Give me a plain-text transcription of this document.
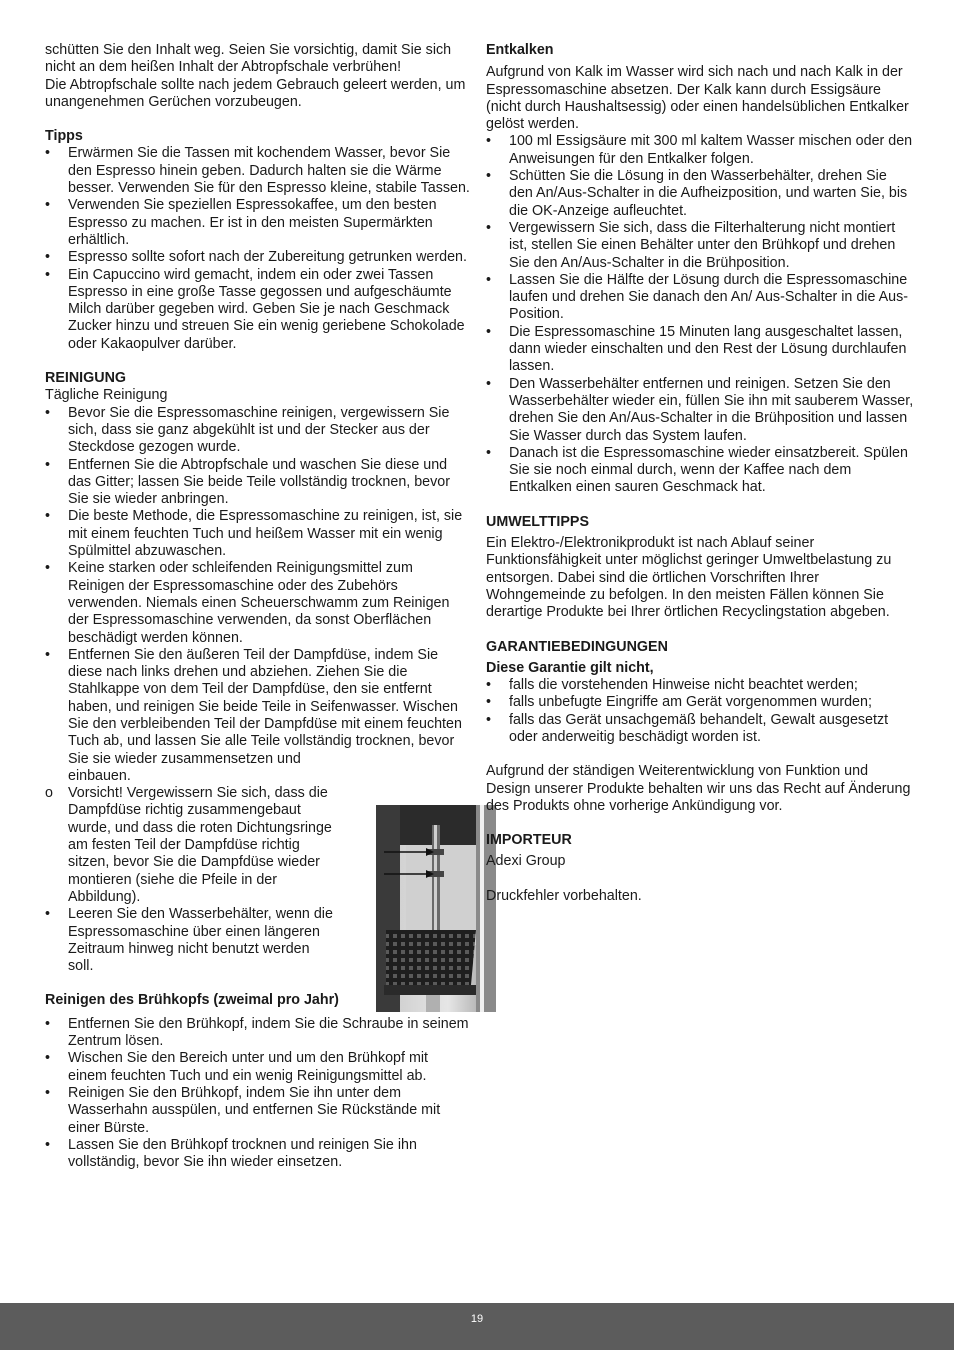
schütten Sie den Inhalt weg. Seien Sie vorsichtig, damit Sie sich nicht an dem heißen Inhalt der Abtropfschale verbrühen!

Die Abtropfschale sollte nach jedem Gebrauch geleert werden, um unangenehmen Gerüchen vorzubeugen.

Tipps

• Erwärmen Sie die Tassen mit kochendem Wasser, bevor Sie den Espresso hinein geben. Dadurch halten sie die Wärme besser. Verwenden Sie für den Espresso kleine, stabile Tassen.
• Verwenden Sie speziellen Espressokaffee, um den besten Espresso zu machen. Er ist in den meisten Supermärkten erhältlich.
• Espresso sollte sofort nach der Zubereitung getrunken werden.
• Ein Capuccino wird gemacht, indem ein oder zwei Tassen Espresso in eine große Tasse gegossen und aufgeschäumte Milch darüber gegeben wird. Geben Sie je nach Geschmack Zucker hinzu und streuen Sie ein wenig geriebene Schokolade oder Kakaopulver darüber.

REINIGUNG

Tägliche Reinigung

• Bevor Sie die Espressomaschine reinigen, vergewissern Sie sich, dass sie ganz abgekühlt ist und der Stecker aus der Steckdose gezogen wurde.
• Entfernen Sie die Abtropfschale und waschen Sie diese und das Gitter; lassen Sie beide Teile vollständig trocknen, bevor Sie sie wieder anbringen.
• Die beste Methode, die Espressomaschine zu reinigen, ist, sie mit einem feuchten Tuch und heißem Wasser mit ein wenig Spülmittel abzuwaschen.
• Keine starken oder schleifenden Reinigungsmittel zum Reinigen der Espressomaschine oder des Zubehörs verwenden. Niemals einen Scheuerschwamm zum Reinigen der Espressomaschine verwenden, da sonst Oberflächen beschädigt werden können.
• Entfernen Sie den äußeren Teil der Dampfdüse, indem Sie diese nach links drehen und abziehen. Ziehen Sie die Stahlkappe von dem Teil der Dampfdüse, den sie entfernt haben, und reinigen Sie beide Teile in Seifenwasser. Wischen Sie den verbleibenden Teil der Dampfdüse mit einem feuchten Tuch ab, und lassen Sie alle Teile vollständig trocknen, bevor
Sie sie wieder zusammensetzen und einbauen.
o Vorsicht! Vergewissern Sie sich, dass die Dampfdüse richtig zusammengebaut wurde, und dass die roten Dichtungsringe am festen Teil der Dampfdüse richtig sitzen, bevor Sie die Dampfdüse wieder montieren (siehe die Pfeile in der Abbildung).
• Leeren Sie den Wasserbehälter, wenn die Espressomaschine über einen längeren Zeitraum hinweg nicht benutzt werden soll.

Reinigen des Brühkopfs (zweimal pro Jahr)

• Entfernen Sie den Brühkopf, indem Sie die Schraube in seinem Zentrum lösen.
• Wischen Sie den Bereich unter und um den Brühkopf mit einem feuchten Tuch und ein wenig Reinigungsmittel ab.
• Reinigen Sie den Brühkopf, indem Sie ihn unter dem Wasserhahn ausspülen, und entfernen Sie Rückstände mit einer Bürste.
• Lassen Sie den Brühkopf trocknen und reinigen Sie ihn vollständig, bevor Sie ihn wieder einsetzen.

Entkalken

Aufgrund von Kalk im Wasser wird sich nach und nach Kalk in der Espressomaschine absetzen. Der Kalk kann durch Essigsäure (nicht durch Haushaltsessig) oder einen handelsüblichen Entkalker gelöst werden.

• 100 ml Essigsäure mit 300 ml kaltem Wasser mischen oder den Anweisungen für den Entkalker folgen.
• Schütten Sie die Lösung in den Wasserbehälter, drehen Sie den An/Aus-Schalter in die Aufheizposition, und warten Sie, bis die OK-Anzeige aufleuchtet.
• Vergewissern Sie sich, dass die Filterhalterung nicht montiert ist, stellen Sie einen Behälter unter den Brühkopf und drehen Sie den An/Aus-Schalter in die Brühposition.
• Lassen Sie die Hälfte der Lösung durch die Espressomaschine laufen und drehen Sie danach den An/ Aus-Schalter in die Aus-Position.
• Die Espressomaschine 15 Minuten lang ausgeschaltet lassen, dann wieder einschalten und den Rest der Lösung durchlaufen lassen.
• Den Wasserbehälter entfernen und reinigen. Setzen Sie den Wasserbehälter wieder ein, füllen Sie ihn mit sauberem Wasser, drehen Sie den An/Aus-Schalter in die Brühposition und lassen Sie Wasser durch das System laufen.
• Danach ist die Espressomaschine wieder einsatzbereit. Spülen Sie sie noch einmal durch, wenn der Kaffee nach dem Entkalken einen sauren Geschmack hat.

UMWELTTIPPS

Ein Elektro-/Elektronikprodukt ist nach Ablauf seiner Funktionsfähigkeit unter möglichst geringer Umweltbelastung zu entsorgen. Dabei sind die örtlichen Vorschriften Ihrer Wohngemeinde zu befolgen. In den meisten Fällen können Sie derartige Produkte bei Ihrer örtlichen Recyclingstation abgeben.

GARANTIEBEDINGUNGEN

Diese Garantie gilt nicht,

• falls die vorstehenden Hinweise nicht beachtet werden;
• falls unbefugte Eingriffe am Gerät vorgenommen wurden;
• falls das Gerät unsachgemäß behandelt, Gewalt ausgesetzt oder anderweitig beschädigt worden ist.

Aufgrund der ständigen Weiterentwicklung von Funktion und Design unserer Produkte behalten wir uns das Recht auf Änderung des Produkts ohne vorherige Ankündigung vor.

IMPORTEUR

Adexi Group

Druckfehler vorbehalten.

19
